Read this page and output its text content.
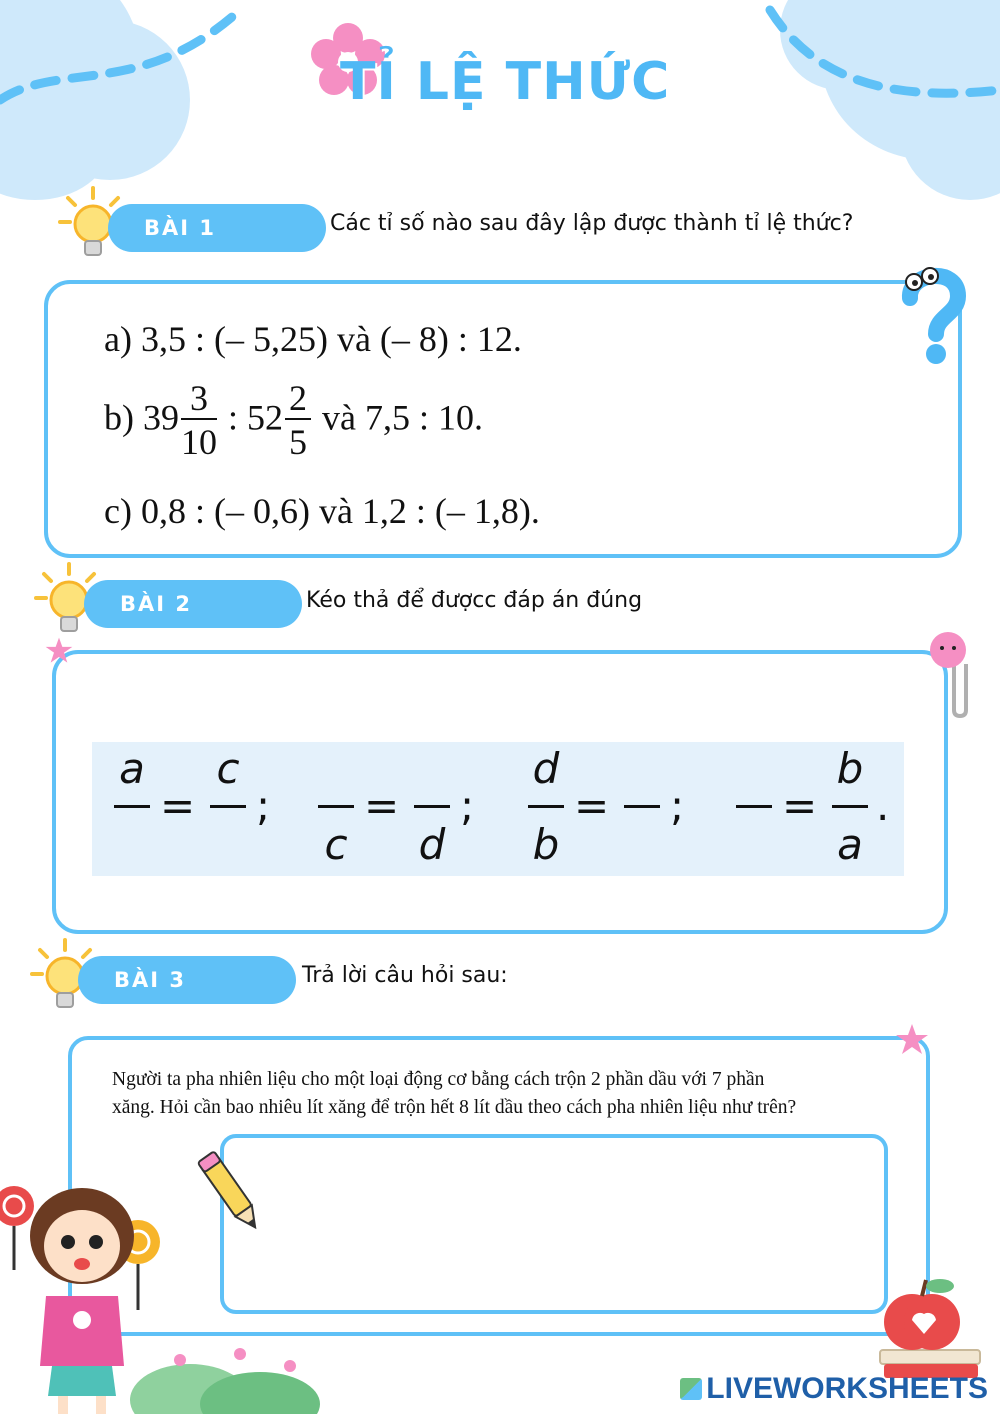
TỈ LỆ THỨC
BÀI 1	Các tỉ số nào sau đây lập được thành tỉ lệ thức?
a) 3,5 : (– 5,25) và (– 8) : 12.
b) $39 \frac{3}{10}$ : $52 \frac{2}{5}$ và 7,5 : 10.
c) 0,8 : (– 0,6) và 1,2 : (– 1,8).
BÀI 2	Kéo thả để đượcc đáp án đúng
a
=
c
;
c
=
d
;
d
b
= ; =
b
a
.
BÀI 3	Trả lời câu hỏi sau:
Người ta pha nhiên liệu cho một loại động cơ bằng cách trộn 2 phần dầu với 7 phần
xăng. Hỏi cần bao nhiêu lít xăng để trộn hết 8 lít dầu theo cách pha nhiên liệu như trên?
LIVEWORKSHEETS
